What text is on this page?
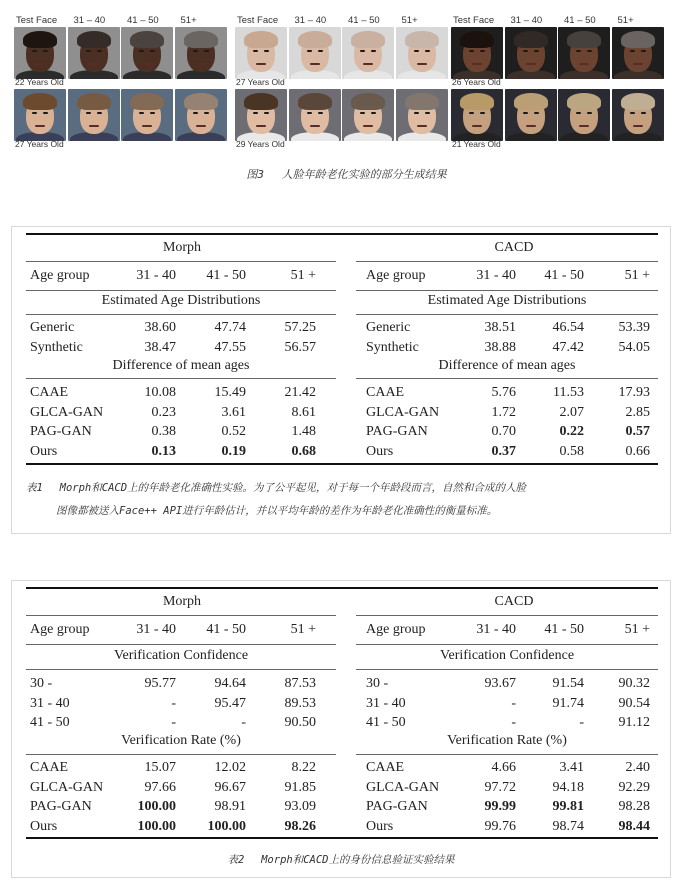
Test Face 31 – 40 41 – 50 51+	Test Face 31 – 40 41 – 50 51+	Test Face 31 – 40 41 – 50 51+
22 Years Old	27 Years Old	26 Years Old
27 Years Old	29 Years Old	21 Years Old
图3　 人脸年龄老化实验的部分生成结果
Morph	CACD
Age group	31 - 40	41 - 50	51 +	Age group	31 - 40	41 - 50	51 +
Estimated Age Distributions	Estimated Age Distributions
Generic	38.60	47.74	57.25	Generic	38.51	46.54	53.39
Synthetic	38.47	47.55	56.57	Synthetic	38.88	47.42	54.05
Difference of mean ages	Difference of mean ages
CAAE	10.08	15.49	21.42	CAAE	5.76	11.53	17.93
GLCA-GAN	0.23	3.61	8.61	GLCA-GAN	1.72	2.07	2.85
PAG-GAN	0.38	0.52	1.48	PAG-GAN	0.70	0.22	0.57
Ours	0.13	0.19	0.68	Ours	0.37	0.58	0.66
表1　 Morph和CACD上的年龄老化准确性实验。为了公平起见，对于每一个年龄段而言，自然和合成的人脸
图像都被送入Face++ API进行年龄估计，并以平均年龄的差作为年龄老化准确性的衡量标准。
Morph	CACD
Age group	31 - 40	41 - 50	51 +	Age group	31 - 40	41 - 50	51 +
Verification Confidence	Verification Confidence
30 -	95.77	94.64	87.53	30 -	93.67	91.54	90.32
31 - 40	-	95.47	89.53	31 - 40	-	91.74	90.54
41 - 50	-	-	90.50	41 - 50	-	-	91.12
Verification Rate (%)	Verification Rate (%)
CAAE	15.07	12.02	8.22	CAAE	4.66	3.41	2.40
GLCA-GAN	97.66	96.67	91.85	GLCA-GAN	97.72	94.18	92.29
PAG-GAN	100.00	98.91	93.09	PAG-GAN	99.99	99.81	98.28
Ours	100.00	100.00	98.26	Ours	99.76	98.74	98.44
表2　 Morph和CACD上的身份信息验证实验结果
